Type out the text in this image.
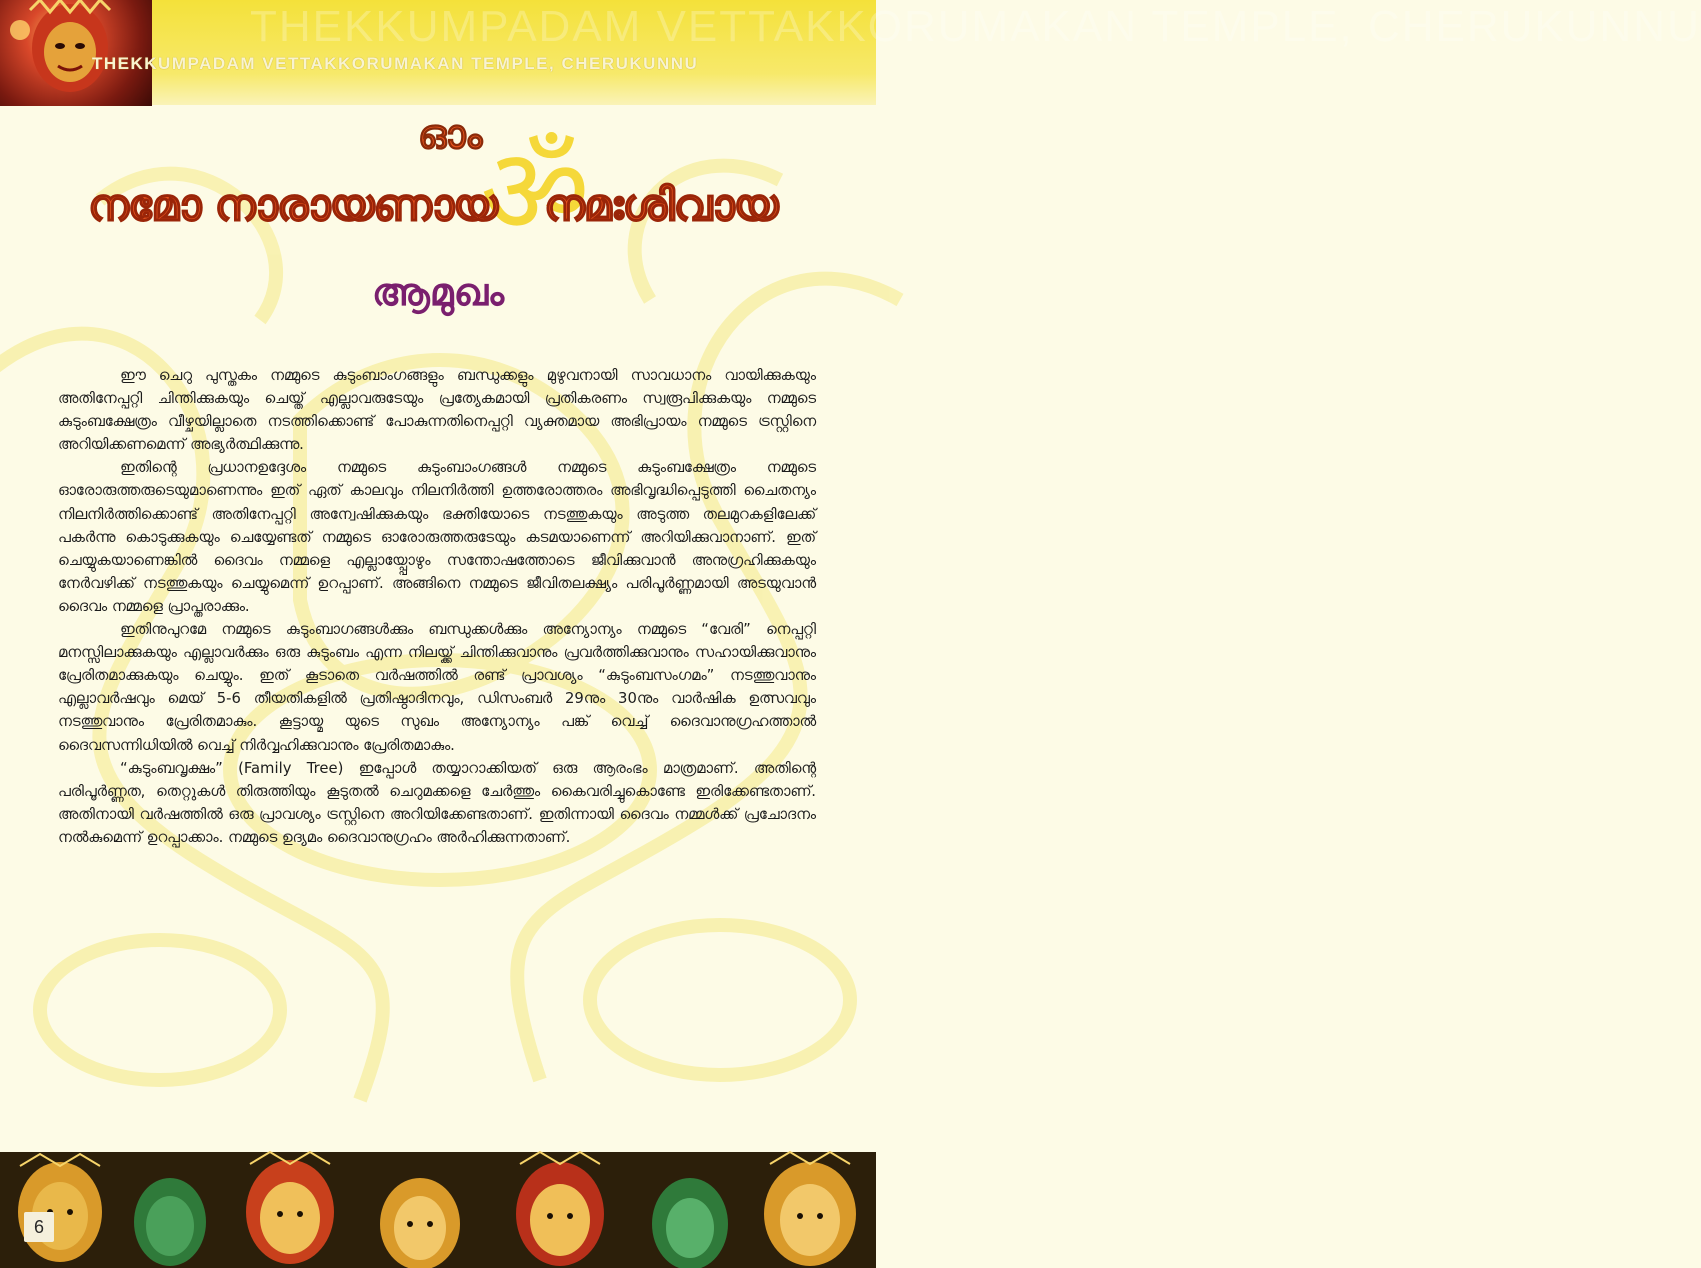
THEKKUMPADAM VETTAKKORUMAKAN TEMPLE, CHERUKUNNU
THEKKUMPADAM VETTAKKORUMAKAN TEMPLE, CHERUKUNNU
ॐ
ഓം
നമോ നാരായണായ നമഃശിവായ
ആമുഖം

ഈ ചെറു പുസ്തകം നമ്മുടെ കുടുംബാംഗങ്ങളും ബന്ധുക്കളും മുഴുവനായി സാവധാനം വായിക്കുകയും അതിനേപ്പറ്റി ചിന്തിക്കുകയും ചെയ്ത് എല്ലാവരുടേയും പ്രത്യേകമായി പ്രതികരണം സ്വരൂപിക്കുകയും നമ്മുടെ കുടുംബക്ഷേത്രം വീഴ്ചയില്ലാതെ നടത്തിക്കൊണ്ട് പോകുന്നതിനെപ്പറ്റി വ്യക്തമായ അഭിപ്രായം നമ്മുടെ ട്രസ്റ്റിനെ അറിയിക്കണമെന്ന് അഭ്യർത്ഥിക്കുന്നു.

ഇതിന്റെ പ്രധാനഉദ്ദേശം നമ്മുടെ കുടുംബാംഗങ്ങൾ നമ്മുടെ കുടുംബക്ഷേത്രം നമ്മുടെ ഓരോരുത്തരുടെയുമാണെന്നും ഇത് ഏത് കാലവും നിലനിർത്തി ഉത്തരോത്തരം അഭിവൃദ്ധിപ്പെടുത്തി ചൈതന്യം നിലനിർത്തിക്കൊണ്ട് അതിനേപ്പറ്റി അന്വേഷിക്കുകയും ഭക്തിയോടെ നടത്തുകയും അടുത്ത തലമുറകളിലേക്ക് പകർന്നു കൊടുക്കുകയും ചെയ്യേണ്ടത് നമ്മുടെ ഓരോരുത്തരുടേയും കടമയാണെന്ന് അറിയിക്കുവാനാണ്. ഇത് ചെയ്യുകയാണെങ്കിൽ ദൈവം നമ്മളെ എല്ലായ്പ്പോഴും സന്തോഷത്തോടെ ജീവിക്കുവാൻ അനുഗ്രഹിക്കുകയും നേർവഴിക്ക് നടത്തുകയും ചെയ്യുമെന്ന് ഉറപ്പാണ്. അങ്ങിനെ നമ്മുടെ ജീവിതലക്ഷ്യം പരിപൂർണ്ണമായി അടയുവാൻ ദൈവം നമ്മളെ പ്രാപ്തരാക്കും.

ഇതിനുപുറമേ നമ്മുടെ കുടുംബാഗങ്ങൾക്കും ബന്ധുക്കൾക്കും അന്യോന്യം നമ്മുടെ “വേരി” നെപ്പറ്റി മനസ്സിലാക്കുകയും എല്ലാവർക്കും ഒരു കുടുംബം എന്ന നിലയ്ക്ക് ചിന്തിക്കുവാനും പ്രവർത്തിക്കുവാനും സഹായിക്കുവാനും പ്രേരിതമാക്കുകയും ചെയ്യും. ഇത് കൂടാതെ വർഷത്തിൽ രണ്ട് പ്രാവശ്യം “കുടുംബസംഗമം” നടത്തുവാനും എല്ലാവർഷവും മെയ് 5-6 തീയതികളിൽ പ്രതിഷ്ഠാദിനവും, ഡിസംബർ 29നും 30നും വാർഷിക ഉത്സവവും നടത്തുവാനും പ്രേരിതമാകും. കൂട്ടായ്മ യുടെ സുഖം അന്യോന്യം പങ്ക് വെച്ച് ദൈവാനുഗ്രഹത്താൽ ദൈവസന്നിധിയിൽ വെച്ച് നിർവ്വഹിക്കുവാനും പ്രേരിതമാകും.

“കുടുംബവൃക്ഷം” (Family Tree) ഇപ്പോൾ തയ്യാറാക്കിയത് ഒരു ആരംഭം മാത്രമാണ്. അതിന്റെ പരിപൂർണ്ണത, തെറ്റുകൾ തിരുത്തിയും കൂടുതൽ ചെറുമക്കളെ ചേർത്തും കൈവരിച്ചുകൊണ്ടേ ഇരിക്കേണ്ടതാണ്. അതിനായി വർഷത്തിൽ ഒരു പ്രാവശ്യം ട്രസ്റ്റിനെ അറിയിക്കേണ്ടതാണ്. ഇതിന്നായി ദൈവം നമ്മൾക്ക് പ്രചോദനം നൽകുമെന്ന് ഉറപ്പാക്കാം. നമ്മുടെ ഉദ്യമം ദൈവാനുഗ്രഹം അർഹിക്കുന്നതാണ്.

6
